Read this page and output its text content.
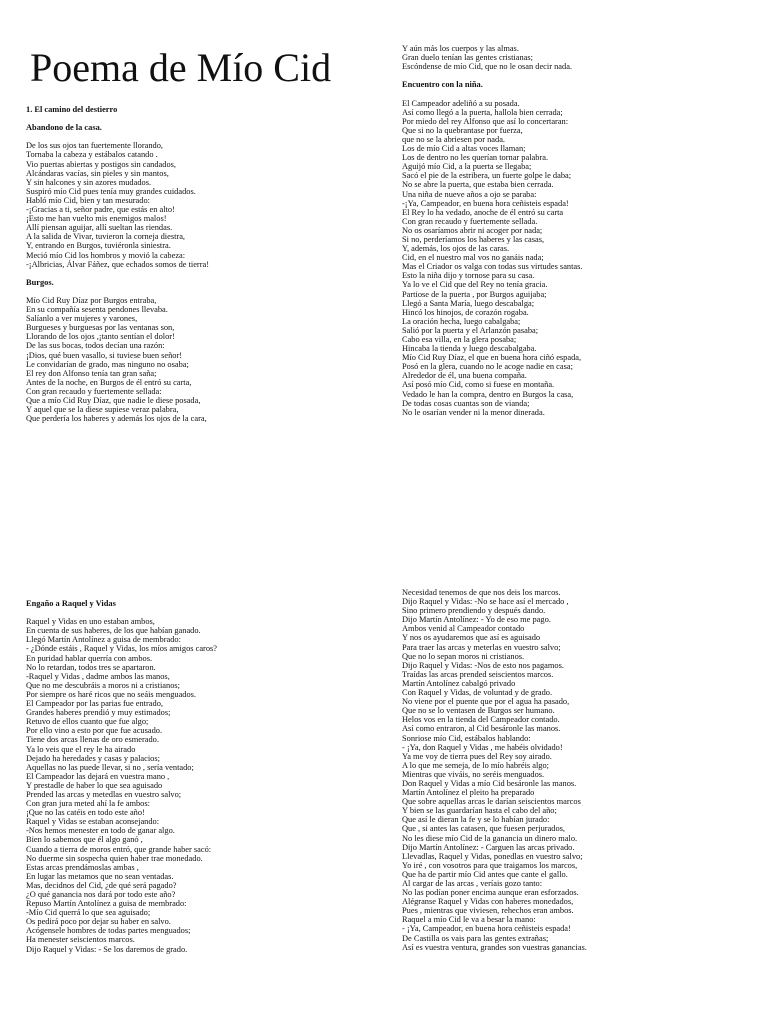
Poema de Mío Cid
1. El camino del destierro
Abandono de la casa.
De los sus ojos tan fuertemente llorando,
Tornaba la cabeza y estábalos catando .
Vio puertas abiertas y postigos sin candados,
Alcándaras vacías, sin pieles y sin mantos,
Y sin halcones y sin azores mudados.
Suspiró mío Cid pues tenía muy grandes cuidados.
Habló mío Cid, bien y tan mesurado:
-¡Gracias a ti, señor padre, que estás en alto!
¡Esto me han vuelto mis enemigos malos!
Allí piensan aguijar, allí sueltan las riendas.
A la salida de Vivar, tuvieron la corneja diestra,
Y, entrando en Burgos, tuviéronla siniestra.
Meció mío Cid los hombros y movió la cabeza:
-¡Albricias, Álvar Fáñez, que echados somos de tierra!
Burgos.
Mío Cid Ruy Díaz por Burgos entraba,
En su compañía sesenta pendones llevaba.
Salíanlo a ver mujeres y varones,
Burgueses y burguesas por las ventanas son,
Llorando de los ojos ,¡tanto sentían el dolor!
De las sus bocas, todos decían una razón:
¡Dios, qué buen vasallo, si tuviese buen señor!
Le convidarían de grado, mas ninguno no osaba;
El rey don Alfonso tenía tan gran saña;
Antes de la noche, en Burgos de él entró su carta,
Con gran recaudo y fuertemente sellada:
Que a mío Cid Ruy Díaz, que nadie le diese posada,
Y aquel que se la diese supiese veraz palabra,
Que perdería los haberes y además los ojos de la cara,
Y aún más los cuerpos y las almas.
Gran duelo tenían las gentes cristianas;
Escóndense de mío Cid, que no le osan decir nada.
Encuentro con la niña.
El Campeador adeliñó a su posada.
Así como llegó a la puerta, hallola bien cerrada;
Por miedo del rey Alfonso que así lo concertaran:
Que si no la quebrantase por fuerza,
que no se la abriesen por nada.
Los de mío Cid a altas voces llaman;
Los de dentro no les querían tornar palabra.
Aguijó mío Cid, a la puerta se llegaba;
Sacó el pie de la estribera, un fuerte golpe le daba;
No se abre la puerta, que estaba bien cerrada.
Una niña de nueve años a ojo se paraba:
-¡Ya, Campeador, en buena hora ceñisteis espada!
El Rey lo ha vedado, anoche de él entró su carta
Con gran recaudo y fuertemente sellada.
No os osaríamos abrir ni acoger por nada;
Si no, perderíamos los haberes y las casas,
Y, además, los ojos de las caras.
Cid, en el nuestro mal vos no ganáis nada;
Mas el Criador os valga con todas sus virtudes santas.
Esto la niña dijo y tornose para su casa.
Ya lo ve el Cid que del Rey no tenía gracia.
Partiose de la puerta , por Burgos aguijaba;
Llegó a Santa María, luego descabalga;
Hincó los hinojos, de corazón rogaba.
La oración hecha, luego cabalgaba;
Salió por la puerta y el Arlanzón pasaba;
Cabo esa villa, en la glera posaba;
Hincaba la tienda y luego descabalgaba.
Mío Cid Ruy Díaz, el que en buena hora ciñó espada,
Posó en la glera, cuando no le acoge nadie en casa;
Alrededor de él, una buena compaña.
Así posó mío Cid, como si fuese en montaña.
Vedado le han la compra, dentro en Burgos la casa,
De todas cosas cuantas son de vianda;
No le osarían vender ni la menor dinerada.
Engaño a Raquel y Vidas
Raquel y Vidas en uno estaban ambos,
En cuenta de sus haberes, de los que habían ganado.
Llegó Martín Antolínez a guisa de membrado:
- ¿Dónde estáis , Raquel y Vidas, los míos amigos caros?
En puridad hablar querría con ambos.
No lo retardan, todos tres se apartaron.
-Raquel y Vidas , dadme ambos las manos,
Que no me descubráis a moros ni a cristianos;
Por siempre os haré ricos que no seáis menguados.
El Campeador por las parias fue entrado,
Grandes haberes prendió y muy estimados;
Retuvo de ellos cuanto que fue algo;
Por ello vino a esto por que fue acusado.
Tiene dos arcas llenas de oro esmerado.
Ya lo veis que el rey le ha airado
Dejado ha heredades y casas y palacios;
Aquellas no las puede llevar, si no , sería ventado;
El Campeador las dejará en vuestra mano ,
Y prestadle de haber lo que sea aguisado
Prended las arcas y metedlas en vuestro salvo;
Con gran jura meted ahí la fe ambos:
¡Que no las catéis en todo este año!
Raquel y Vidas se estaban aconsejando:
-Nos hemos menester en todo de ganar algo.
Bien lo sabemos que él algo ganó ,
Cuando a tierra de moros entró, que grande haber sacó:
No duerme sin sospecha quien haber trae monedado.
Estas arcas prendámoslas ambas ,
En lugar las metamos que no sean ventadas.
Mas, decidnos del Cid, ¿de qué será pagado?
¿O qué ganancia nos dará por todo este año?
Repuso Martín Antolínez a guisa de membrado:
-Mío Cid querrá lo que sea aguisado;
Os pedirá poco por dejar su haber en salvo.
Acógensele hombres de todas partes menguados;
Ha menester seiscientos marcos.
Dijo Raquel y Vidas: - Se los daremos de grado.
Necesidad tenemos de que nos deis los marcos.
Dijo Raquel y Vidas: -No se hace así el mercado ,
Sino primero prendiendo y después dando.
Dijo Martín Antolínez: - Yo de eso me pago.
Ambos venid al Campeador contado
Y nos os ayudaremos que así es aguisado
Para traer las arcas y meterlas en vuestro salvo;
Que no lo sepan moros ni cristianos.
Dijo Raquel y Vidas: -Nos de esto nos pagamos.
Traídas las arcas prended seiscientos marcos.
Martín Antolínez cabalgó privado
Con Raquel y Vidas, de voluntad y de grado.
No viene por el puente que por el agua ha pasado,
Que no se lo ventasen de Burgos ser humano.
Helos vos en la tienda del Campeador contado.
Así como entraron, al Cid besáronle las manos.
Sonriose mío Cid, estábalos hablando:
- ¡Ya, don Raquel y Vidas , me habéis olvidado!
Ya me voy de tierra pues del Rey soy airado.
A lo que me semeja, de lo mío habréis algo;
Mientras que viváis, no seréis menguados.
Don Raquel y Vidas a mío Cid besáronle las manos.
Martín Antolínez el pleito ha preparado
Que sobre aquellas arcas le darían seiscientos marcos
Y bien se las guardarían hasta el cabo del año;
Que así le dieran la fe y se lo habían jurado:
Que , si antes las catasen, que fuesen perjurados,
No les diese mío Cid de la ganancia un dinero malo.
Dijo Martín Antolínez: - Carguen las arcas privado.
Llevadlas, Raquel y Vidas, ponedlas en vuestro salvo;
Yo iré , con vosotros para que traigamos los marcos,
Que ha de partir mío Cid antes que cante el gallo.
Al cargar de las arcas , veríais gozo tanto:
No las podían poner encima aunque eran esforzados.
Alégranse Raquel y Vidas con haberes monedados,
Pues , mientras que viviesen, rehechos eran ambos.
Raquel a mío Cid le va a besar la mano:
- ¡Ya, Campeador, en buena hora ceñisteis espada!
De Castilla os vais para las gentes extrañas;
Así es vuestra ventura, grandes son vuestras ganancias.
